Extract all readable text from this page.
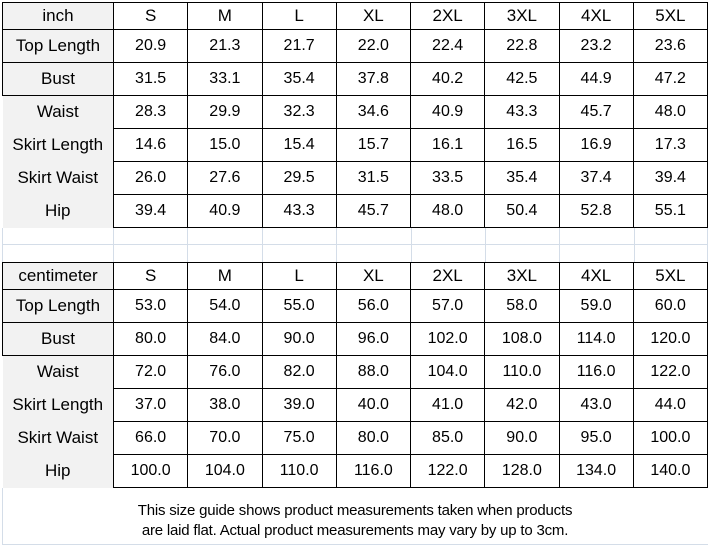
inch	S	M	L	XL	2XL	3XL	4XL	5XL
Top Length	20.9	21.3	21.7	22.0	22.4	22.8	23.2	23.6
Bust	31.5	33.1	35.4	37.8	40.2	42.5	44.9	47.2
Waist	28.3	29.9	32.3	34.6	40.9	43.3	45.7	48.0
Skirt Length	14.6	15.0	15.4	15.7	16.1	16.5	16.9	17.3
Skirt Waist	26.0	27.6	29.5	31.5	33.5	35.4	37.4	39.4
Hip	39.4	40.9	43.3	45.7	48.0	50.4	52.8	55.1
centimeter	S	M	L	XL	2XL	3XL	4XL	5XL
Top Length	53.0	54.0	55.0	56.0	57.0	58.0	59.0	60.0
Bust	80.0	84.0	90.0	96.0	102.0	108.0	114.0	120.0
Waist	72.0	76.0	82.0	88.0	104.0	110.0	116.0	122.0
Skirt Length	37.0	38.0	39.0	40.0	41.0	42.0	43.0	44.0
Skirt Waist	66.0	70.0	75.0	80.0	85.0	90.0	95.0	100.0
Hip	100.0	104.0	110.0	116.0	122.0	128.0	134.0	140.0
This size guide shows product measurements taken when products
are laid flat. Actual product measurements may vary by up to 3cm.
